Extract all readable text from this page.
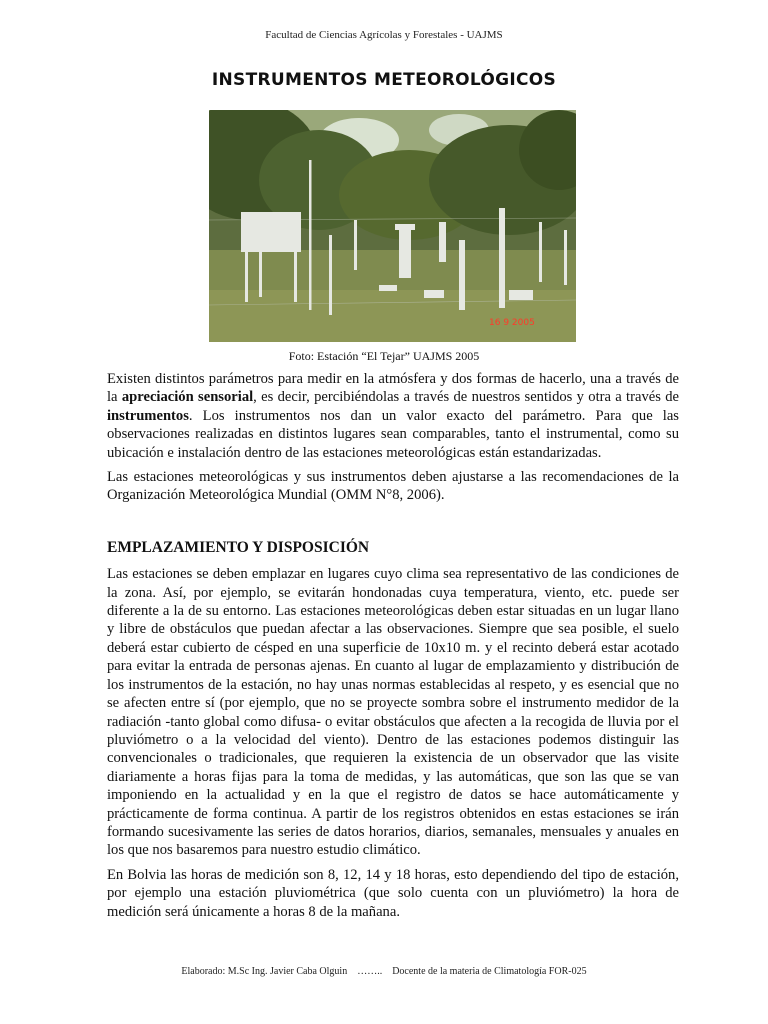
Facultad de Ciencias Agrícolas y Forestales - UAJMS
INSTRUMENTOS METEOROLÓGICOS
16 9 2005
Foto: Estación “El Tejar” UAJMS 2005

Existen distintos parámetros para medir en la atmósfera y dos formas de hacerlo, una a través de la apreciación sensorial, es decir, percibiéndolas a través de nuestros sentidos y otra a través de instrumentos. Los instrumentos nos dan un valor exacto del parámetro. Para que las observaciones realizadas en distintos lugares sean comparables, tanto el instrumental, como su ubicación e instalación dentro de las estaciones meteorológicas están estandarizadas.

Las estaciones meteorológicas y sus instrumentos deben ajustarse a las recomendaciones de la Organización Meteorológica Mundial (OMM N°8, 2006).

EMPLAZAMIENTO Y DISPOSICIÓN

Las estaciones se deben emplazar en lugares cuyo clima sea representativo de las condiciones de la zona. Así, por ejemplo, se evitarán hondonadas cuya temperatura, viento, etc. puede ser diferente a la de su entorno. Las estaciones meteorológicas deben estar situadas en un lugar llano y libre de obstáculos que puedan afectar a las observaciones. Siempre que sea posible, el suelo deberá estar cubierto de césped en una superficie de 10x10 m. y el recinto deberá estar acotado para evitar la entrada de personas ajenas. En cuanto al lugar de emplazamiento y distribución de los instrumentos de la estación, no hay unas normas establecidas al respeto, y es esencial que no se afecten entre sí (por ejemplo, que no se proyecte sombra sobre el instrumento medidor de la radiación -tanto global como difusa- o evitar obstáculos que afecten a la recogida de lluvia por el pluviómetro o a la velocidad del viento). Dentro de las estaciones podemos distinguir las convencionales o tradicionales, que requieren la existencia de un observador que las visite diariamente a horas fijas para la toma de medidas, y las automáticas, que son las que se van imponiendo en la actualidad y en la que el registro de datos se hace automáticamente y prácticamente de forma continua. A partir de los registros obtenidos en estas estaciones se irán formando sucesivamente las series de datos horarios, diarios, semanales, mensuales y anuales en los que nos basaremos para nuestro estudio climático.

En Bolvia las horas de medición son 8, 12, 14 y 18 horas, esto dependiendo del tipo de estación, por ejemplo una estación pluviométrica (que solo cuenta con un pluviómetro) la hora de medición será únicamente a horas 8 de la mañana.

Elaborado: M.Sc Ing. Javier Caba Olguin …….. Docente de la materia de Climatología FOR-025
